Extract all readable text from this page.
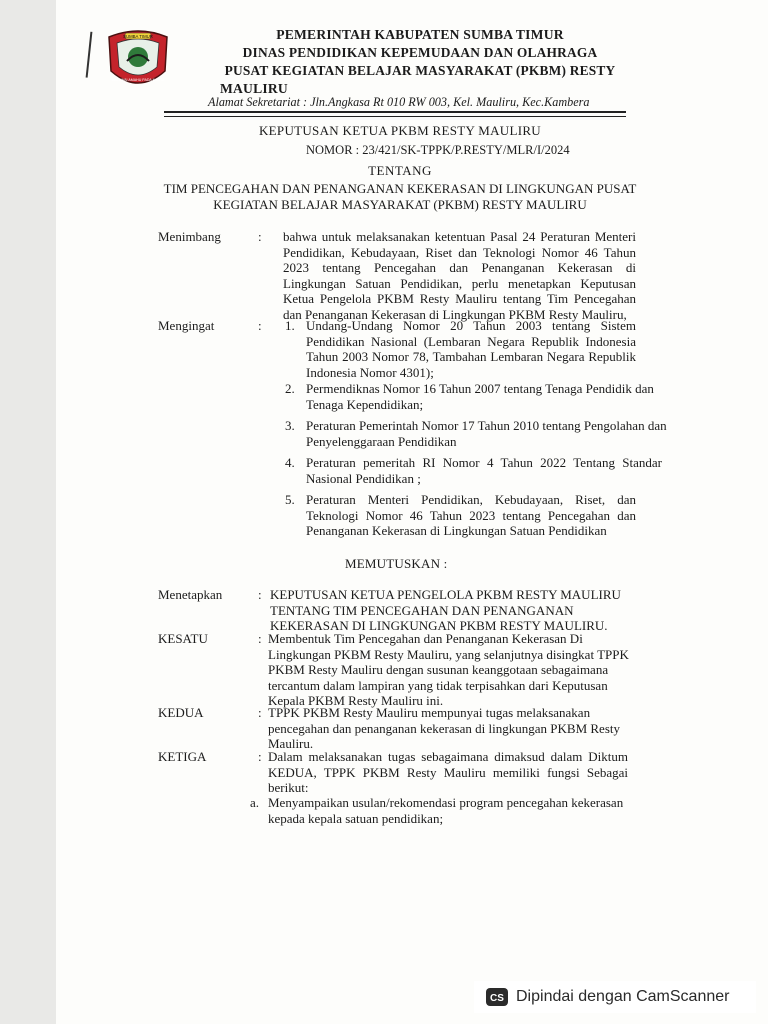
SUMBA TIMUR
MATAWAI AMAHU PADA NJARA
PEMERINTAH KABUPATEN SUMBA TIMUR
DINAS PENDIDIKAN KEPEMUDAAN DAN OLAHRAGA
PUSAT KEGIATAN BELAJAR MASYARAKAT (PKBM) RESTY
MAULIRU
Alamat Sekretariat : Jln.Angkasa Rt 010 RW 003, Kel. Mauliru, Kec.Kambera
KEPUTUSAN KETUA PKBM RESTY MAULIRU
NOMOR : 23/421/SK-TPPK/P.RESTY/MLR/I/2024
TENTANG
TIM PENCEGAHAN DAN PENANGANAN KEKERASAN DI LINGKUNGAN PUSAT
KEGIATAN BELAJAR MASYARAKAT (PKBM) RESTY MAULIRU
Menimbang	: bahwa untuk melaksanakan ketentuan Pasal 24 Peraturan Menteri Pendidikan, Kebudayaan, Riset dan Teknologi Nomor 46 Tahun 2023 tentang Pencegahan dan Penanganan Kekerasan di Lingkungan Satuan Pendidikan, perlu menetapkan Keputusan Ketua Pengelola PKBM Resty Mauliru tentang Tim Pencegahan dan Penanganan Kekerasan di Lingkungan PKBM Resty Mauliru,
Mengingat	: 1. Undang-Undang Nomor 20 Tahun 2003 tentang Sistem Pendidikan Nasional (Lembaran Negara Republik Indonesia Tahun 2003 Nomor 78, Tambahan Lembaran Negara Republik Indonesia Nomor 4301);
2. Permendiknas Nomor 16 Tahun 2007 tentang Tenaga Pendidik dan Tenaga Kependidikan;
3. Peraturan Pemerintah Nomor 17 Tahun 2010 tentang Pengolahan dan Penyelenggaraan Pendidikan
4. Peraturan pemeritah RI Nomor 4 Tahun 2022 Tentang Standar Nasional Pendidikan ;
5. Peraturan Menteri Pendidikan, Kebudayaan, Riset, dan Teknologi Nomor 46 Tahun 2023 tentang Pencegahan dan Penanganan Kekerasan di Lingkungan Satuan Pendidikan
MEMUTUSKAN :
Menetapkan	: KEPUTUSAN KETUA PENGELOLA PKBM RESTY MAULIRU TENTANG TIM PENCEGAHAN DAN PENANGANAN KEKERASAN DI LINGKUNGAN PKBM RESTY MAULIRU.
KESATU	: Membentuk Tim Pencegahan dan Penanganan Kekerasan Di Lingkungan PKBM Resty Mauliru, yang selanjutnya disingkat TPPK PKBM Resty Mauliru dengan susunan keanggotaan sebagaimana tercantum dalam lampiran yang tidak terpisahkan dari Keputusan Kepala PKBM Resty Mauliru ini.
KEDUA	: TPPK PKBM Resty Mauliru mempunyai tugas melaksanakan pencegahan dan penanganan kekerasan di lingkungan PKBM Resty Mauliru.
KETIGA	: Dalam melaksanakan tugas sebagaimana dimaksud dalam Diktum KEDUA, TPPK PKBM Resty Mauliru memiliki fungsi Sebagai berikut:
a. Menyampaikan usulan/rekomendasi program pencegahan kekerasan kepada kepala satuan pendidikan;
CS Dipindai dengan CamScanner
